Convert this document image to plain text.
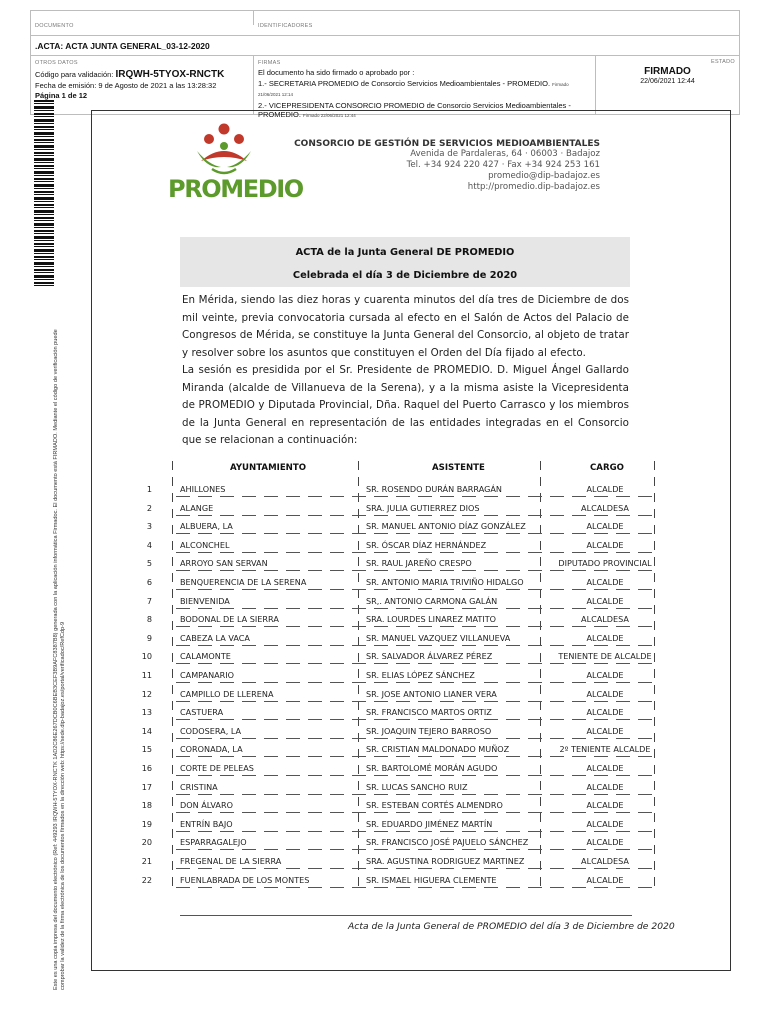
DOCUMENTO	IDENTIFICADORES
.ACTA: ACTA JUNTA GENERAL_03-12-2020
OTROS DATOS
Código para validación: IRQWH-5TYOX-RNCTK
Fecha de emisión: 9 de Agosto de 2021 a las 13:28:32
Página 1 de 12
FIRMAS
El documento ha sido firmado o aprobado por :
1.- SECRETARIA PROMEDIO de Consorcio Servicios Medioambientales - PROMEDIO. Firmado 21/06/2021 12:14
2.- VICEPRESIDENTA CONSORCIO PROMEDIO de Consorcio Servicios Medioambientales - PROMEDIO. Firmado 22/06/2021 12:44
ESTADO
FIRMADO
22/06/2021 12:44
Este es una copia impresa del documento electrónico (Ref: 449293 IRQWH-5TYOX-RNCTK 1AD2C86E267DCB0C6BEB3CEF3B9AFC8387B8) generada con la aplicación informática Firmadoc. El documento está FIRMADO. Mediante el código de verificación puede comprobar la validez de la firma electrónica de los documentos firmados en la dirección web: https://sede.dip-badajoz.es/portal/verificadoc/RefCdp-9
PROMEDIO
CONSORCIO DE GESTIÓN DE SERVICIOS MEDIOAMBIENTALES
Avenida de Pardaleras, 64 · 06003 · Badajoz
Tel. +34 924 220 427 · Fax +34 924 253 161
promedio@dip-badajoz.es
http://promedio.dip-badajoz.es
ACTA de la Junta General DE PROMEDIO
Celebrada el día 3 de Diciembre de 2020
En Mérida, siendo las diez horas y cuarenta minutos del día tres de Diciembre de dos mil veinte, previa convocatoria cursada al efecto en el Salón de Actos del Palacio de Congresos de Mérida, se constituye la Junta General del Consorcio, al objeto de tratar y resolver sobre los asuntos que constituyen el Orden del Día fijado al efecto.
La sesión es presidida por el Sr. Presidente de PROMEDIO. D. Miguel Ángel Gallardo Miranda (alcalde de Villanueva de la Serena), y a la misma asiste la Vicepresidenta de PROMEDIO y Diputada Provincial, Dña. Raquel del Puerto Carrasco y los miembros de la Junta General en representación de las entidades integradas en el Consorcio que se relacionan a continuación:
AYUNTAMIENTO	ASISTENTE	CARGO
1	AHILLONES	SR. ROSENDO DURÁN BARRAGÁN	ALCALDE
2	ALANGE	SRA. JULIA GUTIERREZ DIOS	ALCALDESA
3	ALBUERA, LA	SR. MANUEL ANTONIO DÍAZ GONZÁLEZ	ALCALDE
4	ALCONCHEL	SR. ÓSCAR DÍAZ HERNÁNDEZ	ALCALDE
5	ARROYO SAN SERVAN	SR. RAUL JAREÑO CRESPO	DIPUTADO PROVINCIAL
6	BENQUERENCIA DE LA SERENA	SR. ANTONIO MARIA TRIVIÑO HIDALGO	ALCALDE
7	BIENVENIDA	SR,. ANTONIO CARMONA GALÁN	ALCALDE
8	BODONAL DE LA SIERRA	SRA. LOURDES LINAREZ MATITO	ALCALDESA
9	CABEZA LA VACA	SR. MANUEL VAZQUEZ VILLANUEVA	ALCALDE
10	CALAMONTE	SR. SALVADOR ÁLVAREZ PÉREZ	TENIENTE DE ALCALDE
11	CAMPANARIO	SR. ELIAS LÓPEZ SÁNCHEZ	ALCALDE
12	CAMPILLO DE LLERENA	SR. JOSE ANTONIO LIANER VERA	ALCALDE
13	CASTUERA	SR. FRANCISCO MARTOS ORTIZ	ALCALDE
14	CODOSERA, LA	SR. JOAQUIN TEJERO BARROSO	ALCALDE
15	CORONADA, LA	SR. CRISTIAN MALDONADO MUÑOZ	2º TENIENTE ALCALDE
16	CORTE DE PELEAS	SR. BARTOLOMÉ MORÁN AGUDO	ALCALDE
17	CRISTINA	SR. LUCAS SANCHO RUIZ	ALCALDE
18	DON ÁLVARO	SR. ESTEBAN CORTÉS ALMENDRO	ALCALDE
19	ENTRÍN BAJO	SR. EDUARDO JIMÉNEZ MARTÍN	ALCALDE
20	ESPARRAGALEJO	SR. FRANCISCO JOSÉ PAJUELO SÁNCHEZ	ALCALDE
21	FREGENAL DE LA SIERRA	SRA. AGUSTINA RODRIGUEZ MARTINEZ	ALCALDESA
22	FUENLABRADA DE LOS MONTES	SR. ISMAEL HIGUERA CLEMENTE	ALCALDE
Acta de la Junta General de PROMEDIO del día 3 de Diciembre de 2020
